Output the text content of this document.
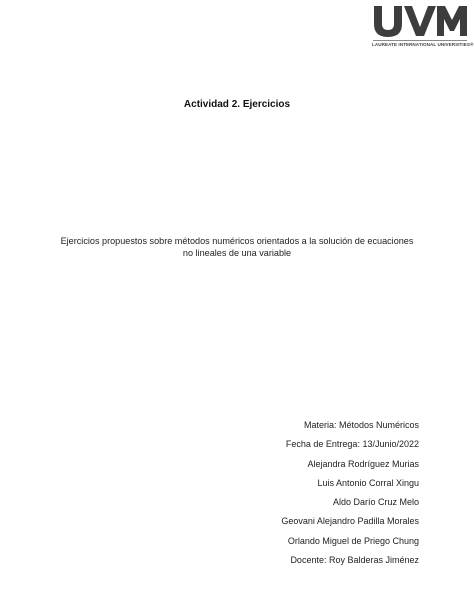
LAUREATE INTERNATIONAL UNIVERSITIES®
Actividad 2. Ejercicios
Ejercicios propuestos sobre métodos numéricos orientados a la solución de ecuaciones
no lineales de una variable
Materia: Métodos Numéricos
Fecha de Entrega: 13/Junio/2022
Alejandra Rodríguez Murias
Luis Antonio Corral Xingu
Aldo Darío Cruz Melo
Geovani Alejandro Padilla Morales
Orlando Miguel de Priego Chung
Docente: Roy Balderas Jiménez
